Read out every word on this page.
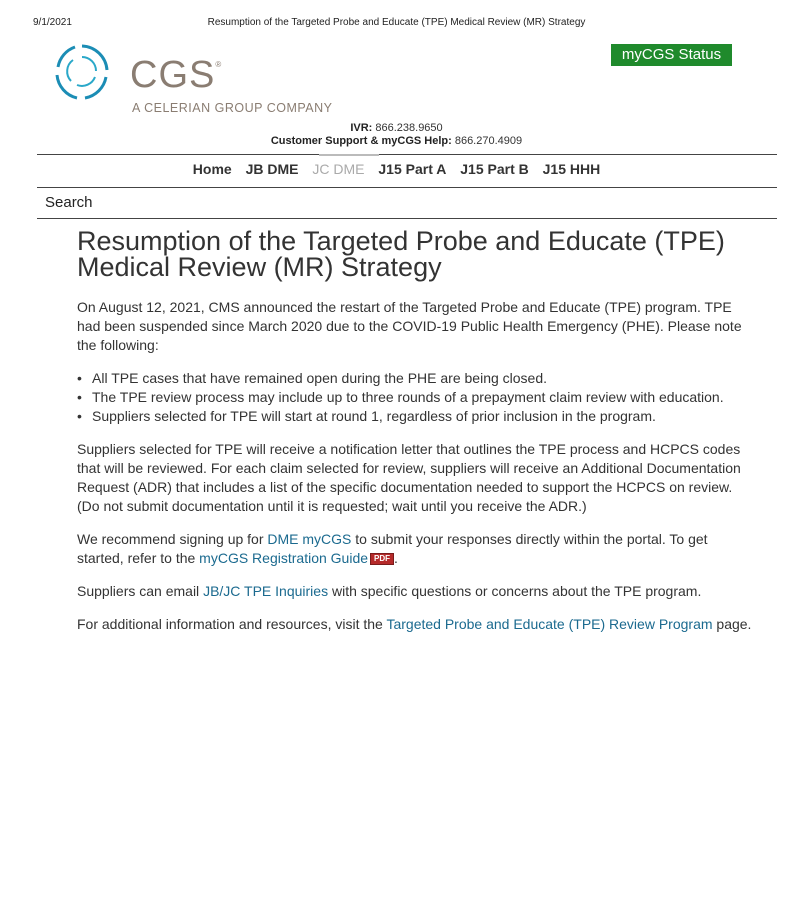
9/1/2021	Resumption of the Targeted Probe and Educate (TPE) Medical Review (MR) Strategy
CGS®
A CELERIAN GROUP COMPANY
myCGS Status
IVR: 866.238.9650
Customer Support & myCGS Help: 866.270.4909
Home JB DME JC DME J15 Part A J15 Part B J15 HHH
Search
Resumption of the Targeted Probe and Educate (TPE) Medical Review (MR) Strategy

On August 12, 2021, CMS announced the restart of the Targeted Probe and Educate (TPE) program. TPE had been suspended since March 2020 due to the COVID-19 Public Health Emergency (PHE). Please note the following:

• All TPE cases that have remained open during the PHE are being closed.
• The TPE review process may include up to three rounds of a prepayment claim review with education.
• Suppliers selected for TPE will start at round 1, regardless of prior inclusion in the program.

Suppliers selected for TPE will receive a notification letter that outlines the TPE process and HCPCS codes that will be reviewed. For each claim selected for review, suppliers will receive an Additional Documentation Request (ADR) that includes a list of the specific documentation needed to support the HCPCS on review. (Do not submit documentation until it is requested; wait until you receive the ADR.)

We recommend signing up for DME myCGS to submit your responses directly within the portal. To get started, refer to the myCGS Registration Guide PDF .

Suppliers can email JB/JC TPE Inquiries with specific questions or concerns about the TPE program.

For additional information and resources, visit the Targeted Probe and Educate (TPE) Review Program page.
